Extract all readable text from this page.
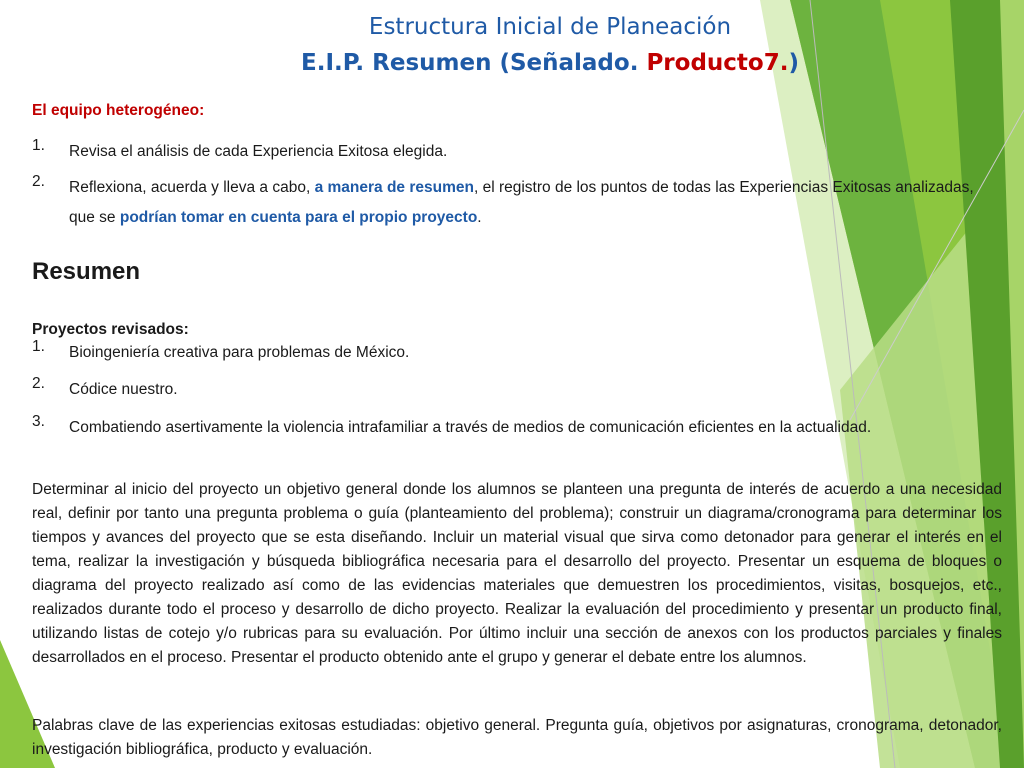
Estructura Inicial de Planeación
E.I.P. Resumen (Señalado. Producto7.)
El equipo heterogéneo:
1.	Revisa el análisis de cada Experiencia Exitosa elegida.
2.	Reflexiona, acuerda y lleva a cabo, a manera de resumen, el registro de los puntos de todas las Experiencias Exitosas analizadas, que se podrían tomar en cuenta para el propio proyecto.
Resumen
Proyectos revisados:
1.	Bioingeniería creativa para problemas de México.
2.	Códice nuestro.
3.	Combatiendo asertivamente la violencia intrafamiliar a través de medios de comunicación eficientes en la actualidad.
Determinar al inicio del proyecto un objetivo general donde los alumnos se planteen una pregunta de interés de acuerdo a una necesidad real, definir por tanto una pregunta problema o guía (planteamiento del problema); construir un diagrama/cronograma para determinar los tiempos y avances del proyecto que se esta diseñando. Incluir un material visual que sirva como detonador para generar el interés en el tema, realizar la investigación y búsqueda bibliográfica necesaria para el desarrollo del proyecto. Presentar un esquema de bloques o diagrama del proyecto realizado así como de las evidencias materiales que demuestren los procedimientos, visitas, bosquejos, etc., realizados durante todo el proceso y desarrollo de dicho proyecto. Realizar la evaluación del procedimiento y presentar un producto final, utilizando listas de cotejo y/o rubricas para su evaluación. Por último incluir una sección de anexos con los productos parciales y finales desarrollados en el proceso. Presentar el producto obtenido ante el grupo y generar el debate entre los alumnos.
Palabras clave de las experiencias exitosas estudiadas: objetivo general. Pregunta guía, objetivos por asignaturas, cronograma, detonador, investigación bibliográfica, producto y evaluación.
